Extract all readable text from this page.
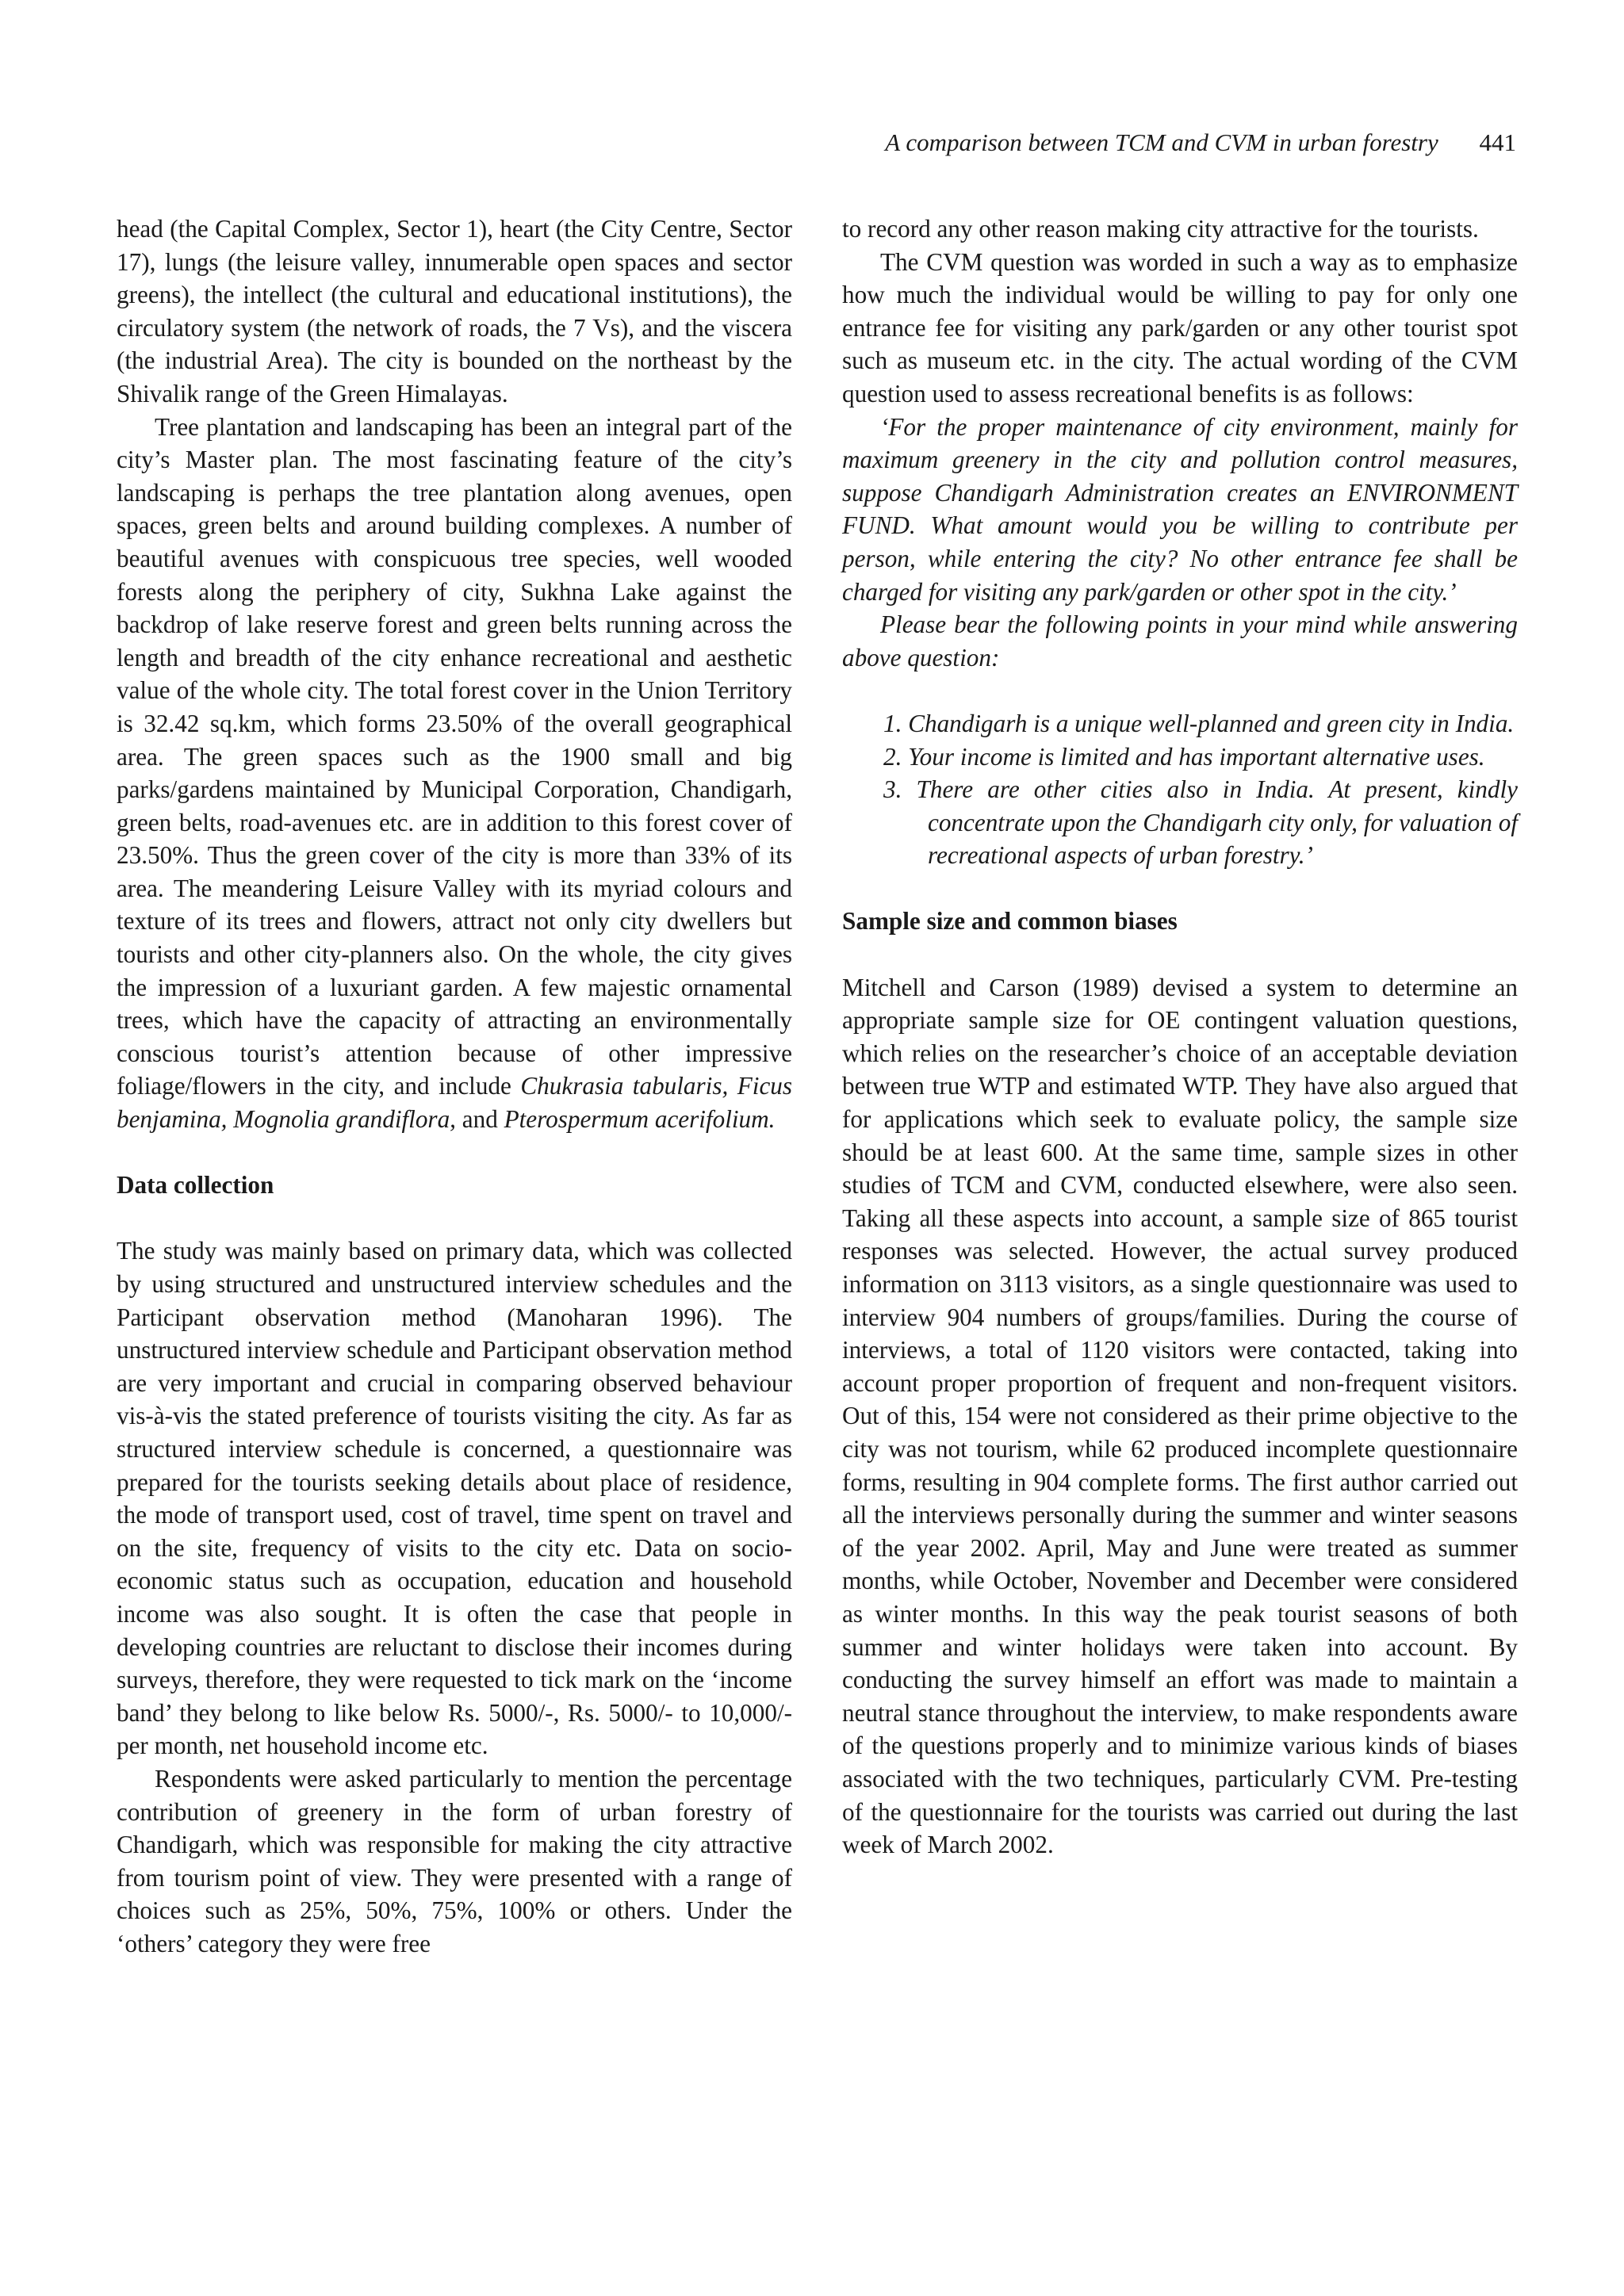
A comparison between TCM and CVM in urban forestry 441

head (the Capital Complex, Sector 1), heart (the City Centre, Sector 17), lungs (the leisure valley, innumerable open spaces and sector greens), the intellect (the cultural and educational institutions), the circulatory system (the network of roads, the 7 Vs), and the viscera (the industrial Area). The city is bounded on the northeast by the Shivalik range of the Green Himalayas.

Tree plantation and landscaping has been an integral part of the city’s Master plan. The most fascinating feature of the city’s landscaping is perhaps the tree plantation along avenues, open spaces, green belts and around building complexes. A number of beautiful avenues with conspicuous tree species, well wooded forests along the periphery of city, Sukhna Lake against the backdrop of lake reserve forest and green belts running across the length and breadth of the city enhance recreational and aesthetic value of the whole city. The total forest cover in the Union Territory is 32.42 sq.km, which forms 23.50% of the overall geographical area. The green spaces such as the 1900 small and big parks/gardens maintained by Municipal Corporation, Chandigarh, green belts, road-avenues etc. are in addition to this forest cover of 23.50%. Thus the green cover of the city is more than 33% of its area. The meandering Leisure Valley with its myriad colours and texture of its trees and flowers, attract not only city dwellers but tourists and other city-planners also. On the whole, the city gives the impression of a luxuriant garden. A few majestic ornamental trees, which have the capacity of attracting an environmentally conscious tourist’s attention because of other impressive foliage/flowers in the city, and include Chukrasia tabularis, Ficus benjamina, Mognolia grandiflora, and Pterospermum acerifolium.

Data collection

The study was mainly based on primary data, which was collected by using structured and unstructured interview schedules and the Participant observation method (Manoharan 1996). The unstructured interview schedule and Participant observation method are very important and crucial in comparing observed behaviour vis-à-vis the stated preference of tourists visiting the city. As far as structured interview schedule is concerned, a questionnaire was prepared for the tourists seeking details about place of residence, the mode of transport used, cost of travel, time spent on travel and on the site, frequency of visits to the city etc. Data on socio-economic status such as occupation, education and household income was also sought. It is often the case that people in developing countries are reluctant to disclose their incomes during surveys, therefore, they were requested to tick mark on the ‘income band’ they belong to like below Rs. 5000/-, Rs. 5000/- to 10,000/- per month, net household income etc.

Respondents were asked particularly to mention the percentage contribution of greenery in the form of urban forestry of Chandigarh, which was responsible for making the city attractive from tourism point of view. They were presented with a range of choices such as 25%, 50%, 75%, 100% or others. Under the ‘others’ category they were free

to record any other reason making city attractive for the tourists.

The CVM question was worded in such a way as to emphasize how much the individual would be willing to pay for only one entrance fee for visiting any park/garden or any other tourist spot such as museum etc. in the city. The actual wording of the CVM question used to assess recreational benefits is as follows:

‘For the proper maintenance of city environment, mainly for maximum greenery in the city and pollution control measures, suppose Chandigarh Administration creates an ENVIRONMENT FUND. What amount would you be willing to contribute per person, while entering the city? No other entrance fee shall be charged for visiting any park/garden or other spot in the city.’

Please bear the following points in your mind while answering above question:

1. Chandigarh is a unique well-planned and green city in India.
2. Your income is limited and has important alternative uses.
3. There are other cities also in India. At present, kindly concentrate upon the Chandigarh city only, for valuation of recreational aspects of urban forestry.’
Sample size and common biases

Mitchell and Carson (1989) devised a system to determine an appropriate sample size for OE contingent valuation questions, which relies on the researcher’s choice of an acceptable deviation between true WTP and estimated WTP. They have also argued that for applications which seek to evaluate policy, the sample size should be at least 600. At the same time, sample sizes in other studies of TCM and CVM, conducted elsewhere, were also seen. Taking all these aspects into account, a sample size of 865 tourist responses was selected. However, the actual survey produced information on 3113 visitors, as a single questionnaire was used to interview 904 numbers of groups/families. During the course of interviews, a total of 1120 visitors were contacted, taking into account proper proportion of frequent and non-frequent visitors. Out of this, 154 were not considered as their prime objective to the city was not tourism, while 62 produced incomplete questionnaire forms, resulting in 904 complete forms. The first author carried out all the interviews personally during the summer and winter seasons of the year 2002. April, May and June were treated as summer months, while October, November and December were considered as winter months. In this way the peak tourist seasons of both summer and winter holidays were taken into account. By conducting the survey himself an effort was made to maintain a neutral stance throughout the interview, to make respondents aware of the questions properly and to minimize various kinds of biases associated with the two techniques, particularly CVM. Pre-testing of the questionnaire for the tourists was carried out during the last week of March 2002.
